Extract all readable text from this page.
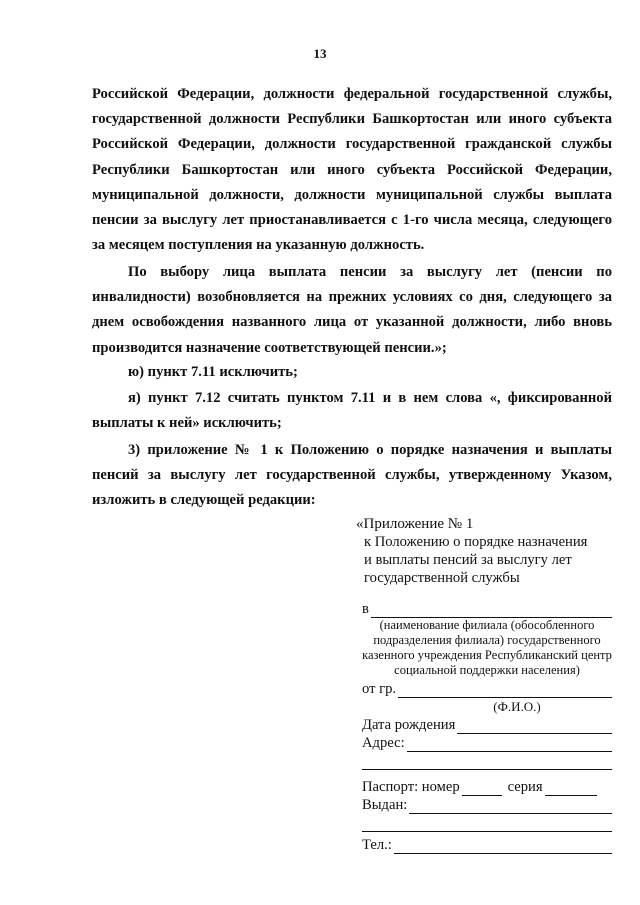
13

Российской Федерации, должности федеральной государственной службы, государственной должности Республики Башкортостан или иного субъекта Российской Федерации, должности государственной гражданской службы Республики Башкортостан или иного субъекта Российской Федерации, муниципальной должности, должности муниципальной службы выплата пенсии за выслугу лет приостанавливается с 1-го числа месяца, следующего за месяцем поступления на указанную должность.

По выбору лица выплата пенсии за выслугу лет (пенсии по инвалидности) возобновляется на прежних условиях со дня, следующего за днем освобождения названного лица от указанной должности, либо вновь производится назначение соответствующей пенсии.»;

ю) пункт 7.11 исключить;

я) пункт 7.12 считать пунктом 7.11 и в нем слова «, фиксированной выплаты к ней» исключить;

3) приложение № 1 к Положению о порядке назначения и выплаты пенсий за выслугу лет государственной службы, утвержденному Указом, изложить в следующей редакции:

«Приложение № 1
к Положению о порядке назначения
и выплаты пенсий за выслугу лет
государственной службы
в
(наименование филиала (обособленного подразделения филиала) государственного казенного учреждения Республиканский центр социальной поддержки населения)
от гр.
(Ф.И.О.)
Дата рождения
Адрес:
Паспорт: номер	серия
Выдан:
Тел.:
